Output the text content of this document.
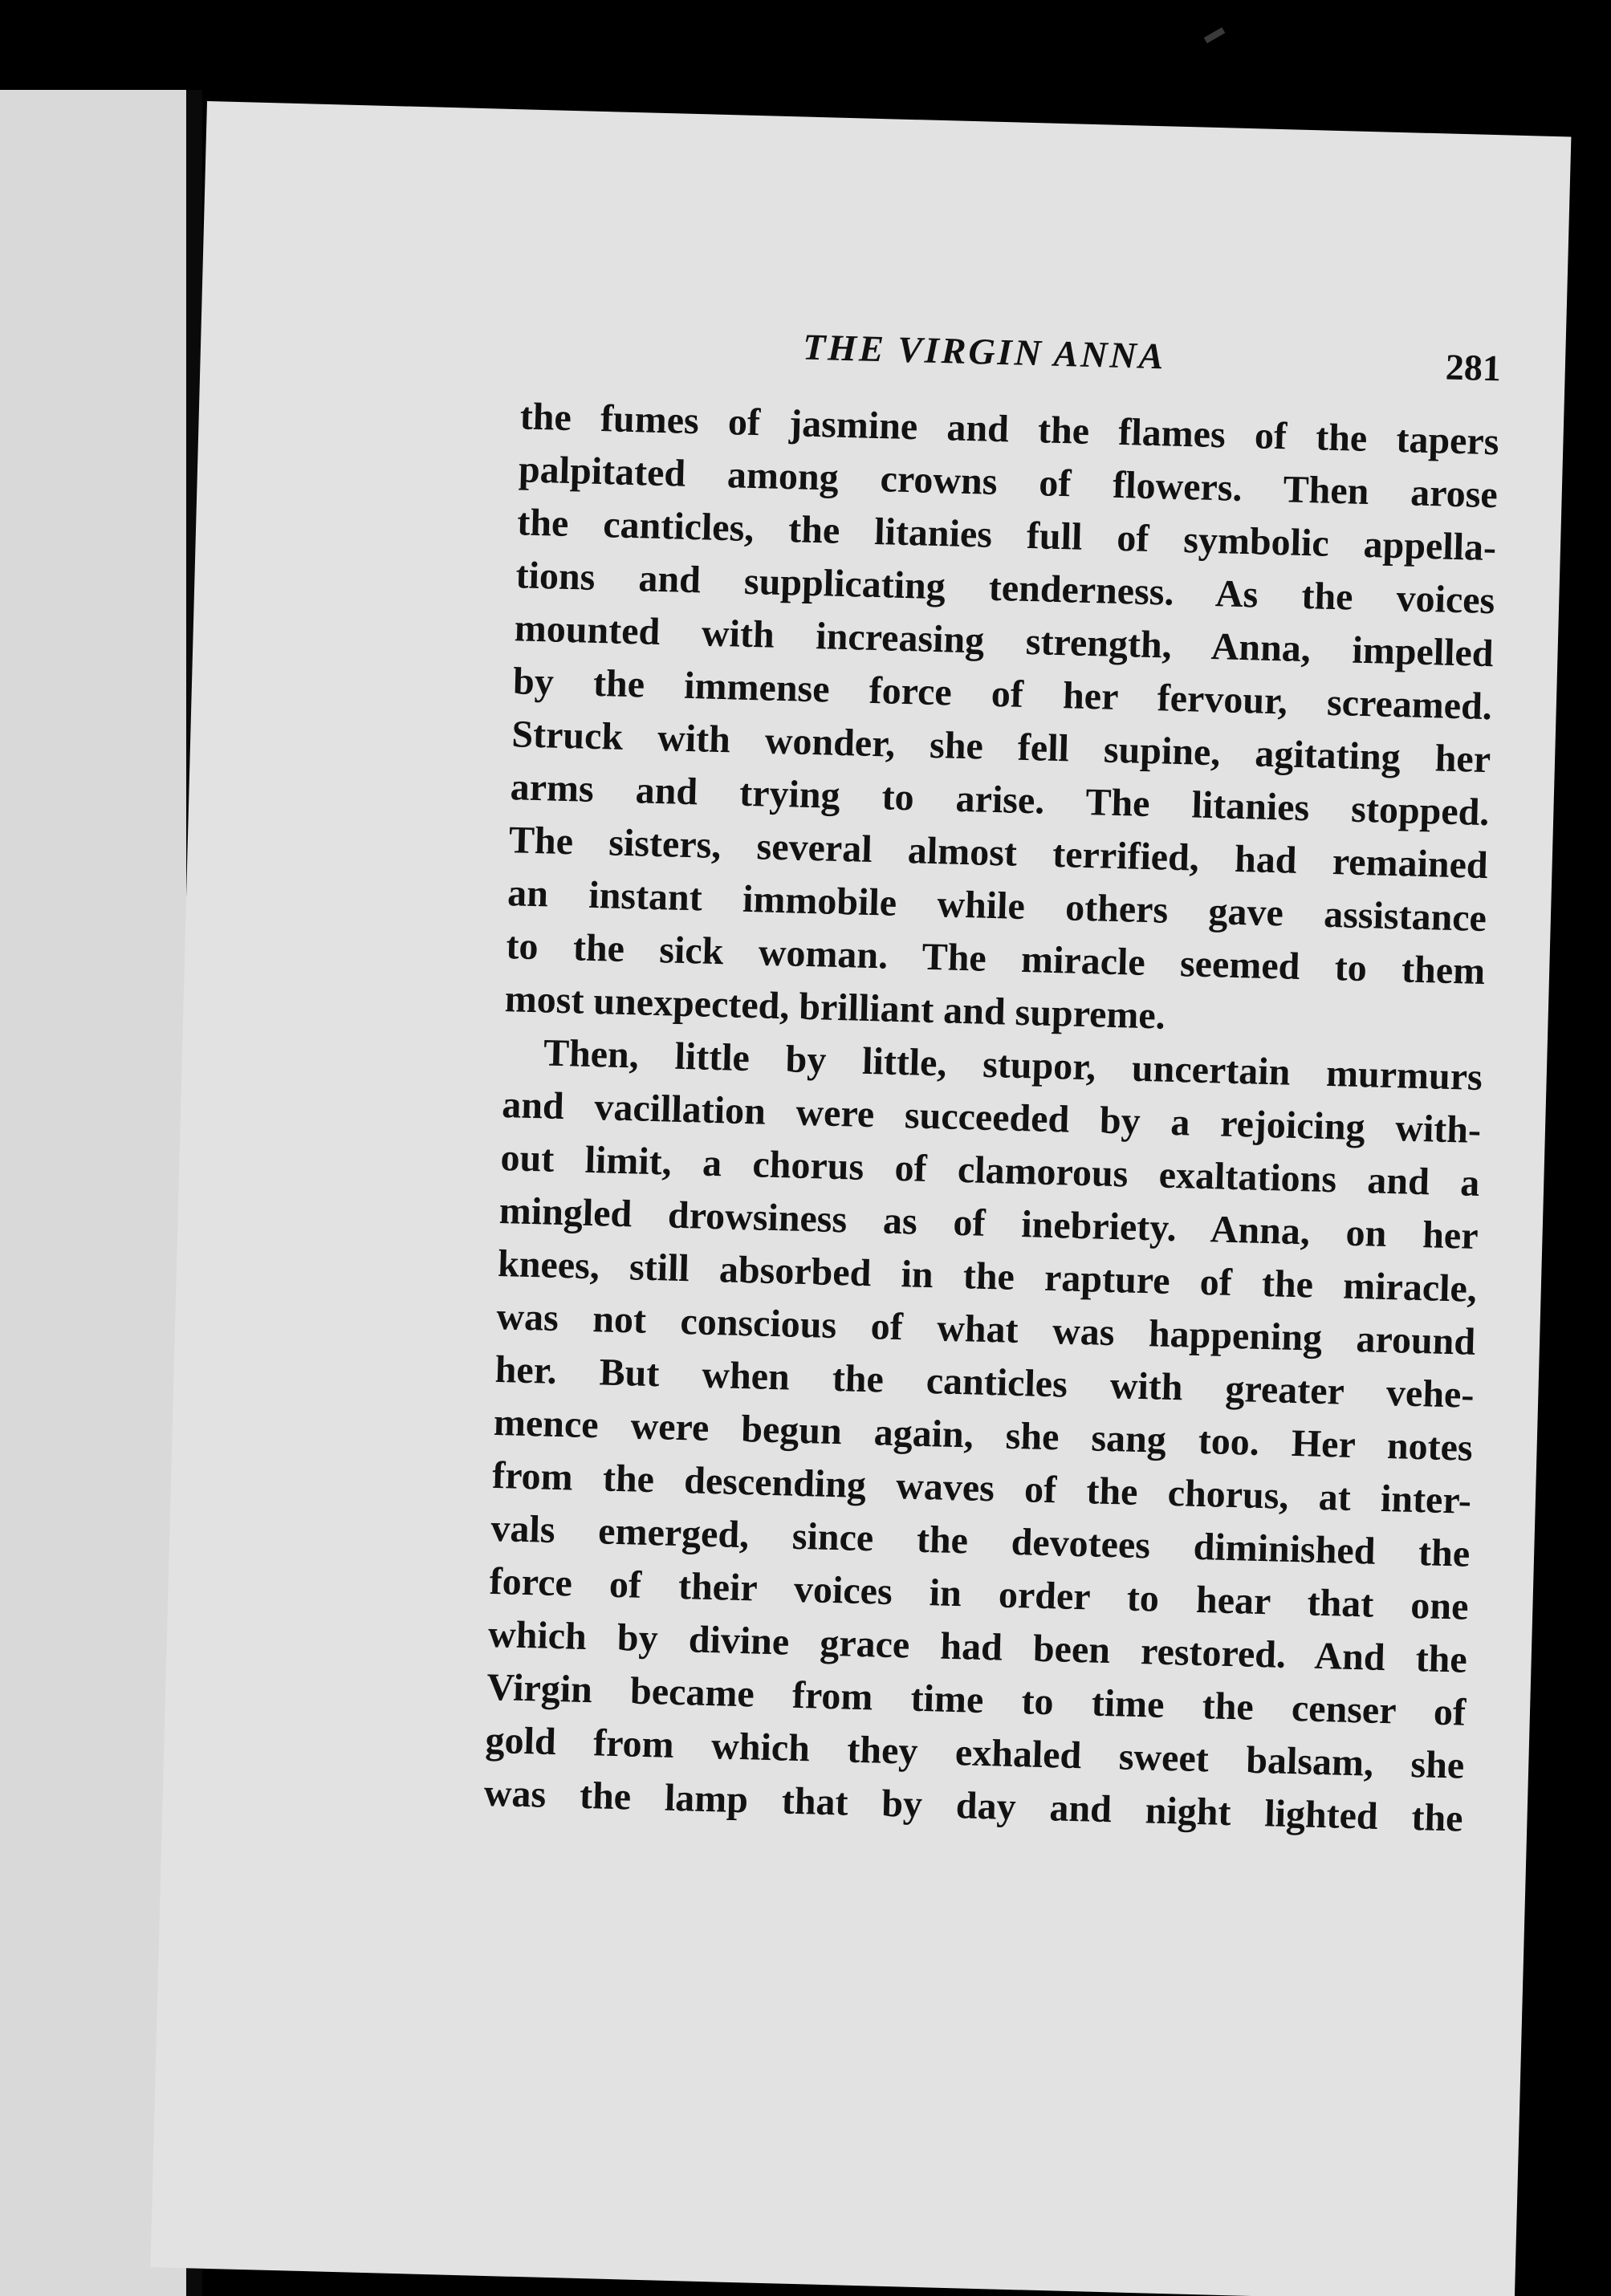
THE VIRGIN ANNA	281
the fumes of jasmine and the flames of the tapers
palpitated among crowns of flowers. Then arose
the canticles, the litanies full of symbolic appella-
tions and supplicating tenderness. As the voices
mounted with increasing strength, Anna, impelled
by the immense force of her fervour, screamed.
Struck with wonder, she fell supine, agitating her
arms and trying to arise. The litanies stopped.
The sisters, several almost terrified, had remained
an instant immobile while others gave assistance
to the sick woman. The miracle seemed to them
most unexpected, brilliant and supreme.
Then, little by little, stupor, uncertain murmurs
and vacillation were succeeded by a rejoicing with-
out limit, a chorus of clamorous exaltations and a
mingled drowsiness as of inebriety. Anna, on her
knees, still absorbed in the rapture of the miracle,
was not conscious of what was happening around
her. But when the canticles with greater vehe-
mence were begun again, she sang too. Her notes
from the descending waves of the chorus, at inter-
vals emerged, since the devotees diminished the
force of their voices in order to hear that one
which by divine grace had been restored. And the
Virgin became from time to time the censer of
gold from which they exhaled sweet balsam, she
was the lamp that by day and night lighted the
